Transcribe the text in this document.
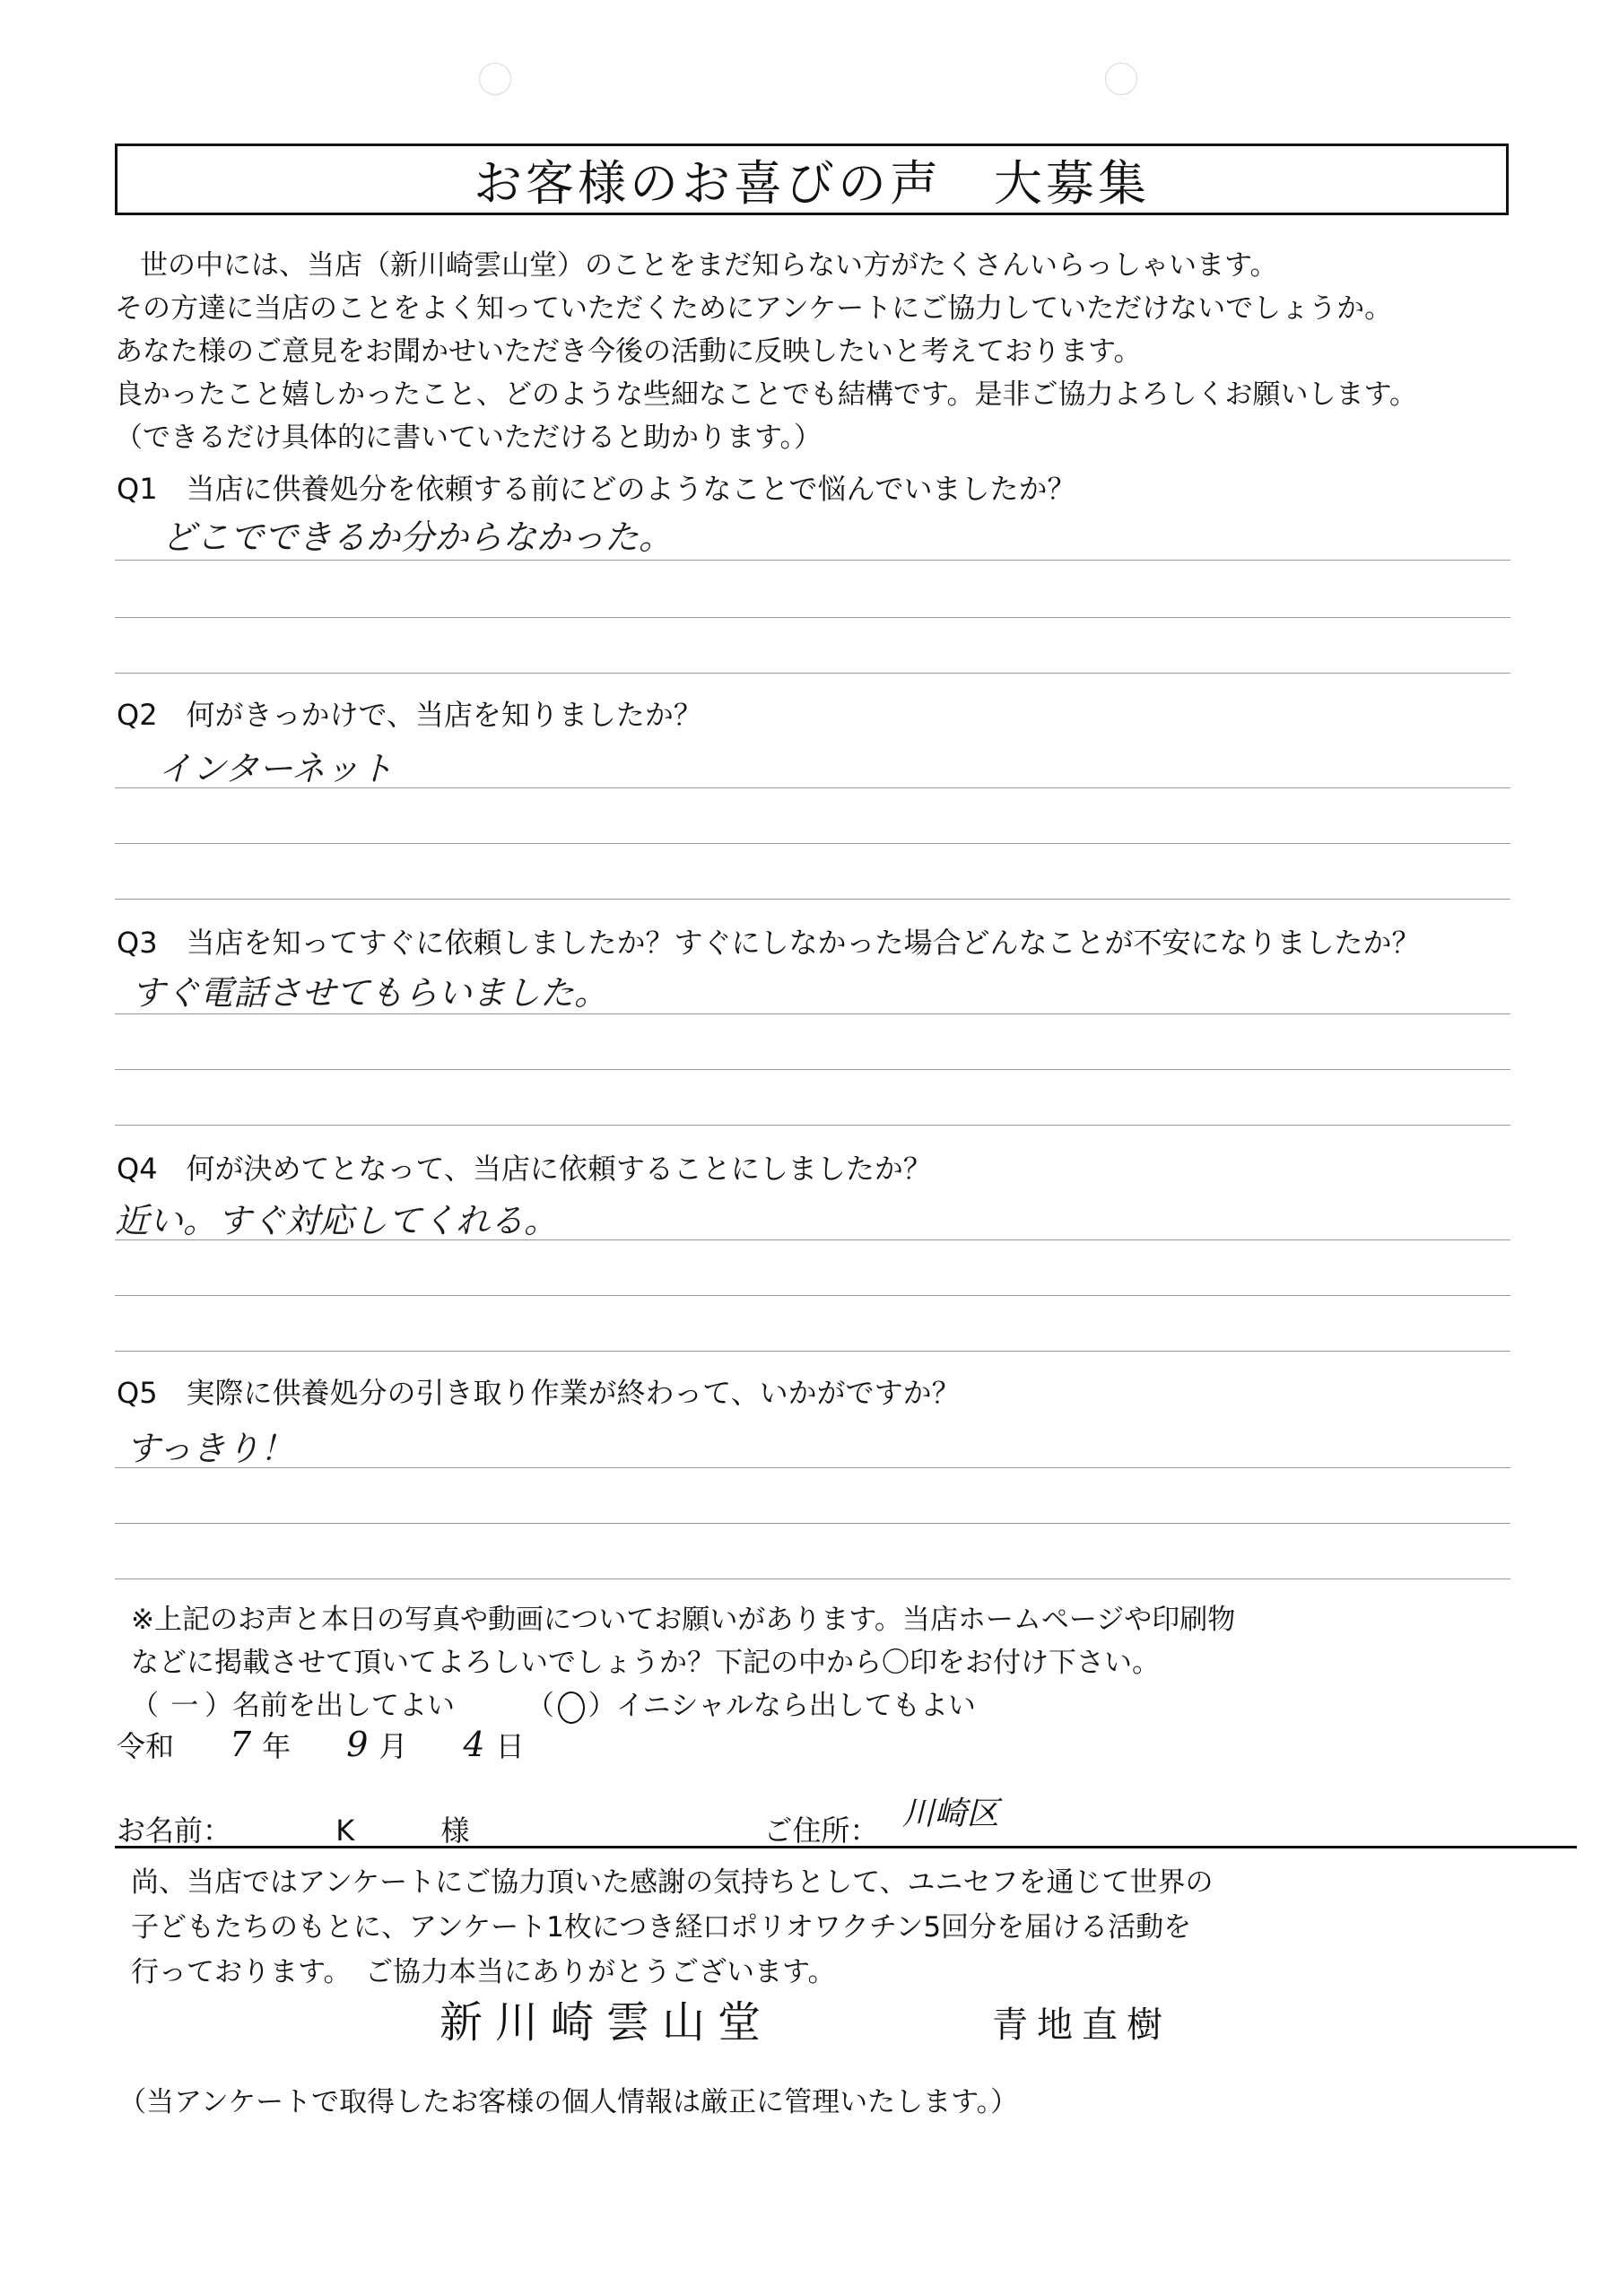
お客様のお喜びの声　大募集
世の中には、当店（新川崎雲山堂）のことをまだ知らない方がたくさんいらっしゃいます。
その方達に当店のことをよく知っていただくためにアンケートにご協力していただけないでしょうか。
あなた様のご意見をお聞かせいただき今後の活動に反映したいと考えております。
良かったこと嬉しかったこと、どのような些細なことでも結構です。是非ご協力よろしくお願いします。
（できるだけ具体的に書いていただけると助かります。）
Q1　当店に供養処分を依頼する前にどのようなことで悩んでいましたか？
どこでできるか分からなかった。
Q2　何がきっかけで、当店を知りましたか？
インターネット
Q3　当店を知ってすぐに依頼しましたか？すぐにしなかった場合どんなことが不安になりましたか？
すぐ電話させてもらいました。
Q4　何が決めてとなって、当店に依頼することにしましたか？
近い。すぐ対応してくれる。
Q5　実際に供養処分の引き取り作業が終わって、いかがですか？
すっきり！
※上記のお声と本日の写真や動画についてお願いがあります。当店ホームページや印刷物
などに掲載させて頂いてよろしいでしょうか？下記の中から〇印をお付け下さい。
（ 一 ）名前を出してよい	（ ）イニシャルなら出してもよい
令和 7 年 9 月 4 日
お名前：	K	様	ご住所： 川崎区
尚、当店ではアンケートにご協力頂いた感謝の気持ちとして、ユニセフを通じて世界の
子どもたちのもとに、アンケート1枚につき経口ポリオワクチン5回分を届ける活動を
行っております。　ご協力本当にありがとうございます。
新川崎雲山堂	青地直樹
（当アンケートで取得したお客様の個人情報は厳正に管理いたします。）
